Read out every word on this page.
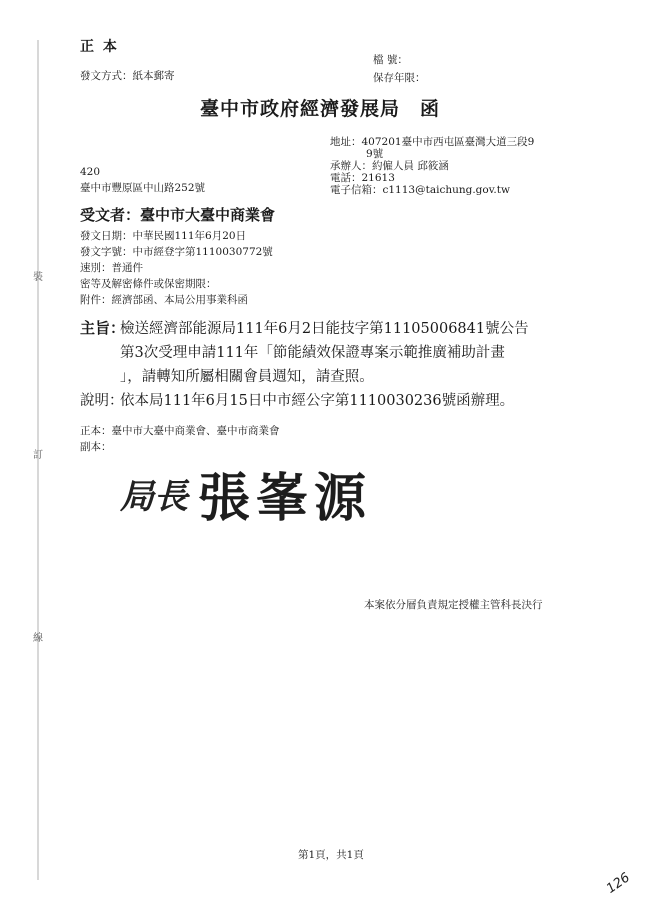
裝
訂
線
正 本
發文方式：紙本郵寄
檔 號：
保存年限：
臺中市政府經濟發展局　函
地址：407201臺中市西屯區臺灣大道三段9
9號
承辦人：約僱人員 邱筱涵
電話：21613
電子信箱：c1113@taichung.gov.tw
420
臺中市豐原區中山路252號
受文者：臺中市大臺中商業會
發文日期：中華民國111年6月20日
發文字號：中市經登字第1110030772號
速別：普通件
密等及解密條件或保密期限：
附件：經濟部函、本局公用事業科函
主旨：
檢送經濟部能源局111年6月2日能技字第11105006841號公告
第3次受理申請111年「節能績效保證專案示範推廣補助計畫
」，請轉知所屬相關會員週知，請查照。
說明：
依本局111年6月15日中市經公字第1110030236號函辦理。
正本：臺中市大臺中商業會、臺中市商業會
副本：
局長 張峯源
本案依分層負責規定授權主管科長決行
第1頁，共1頁
126
